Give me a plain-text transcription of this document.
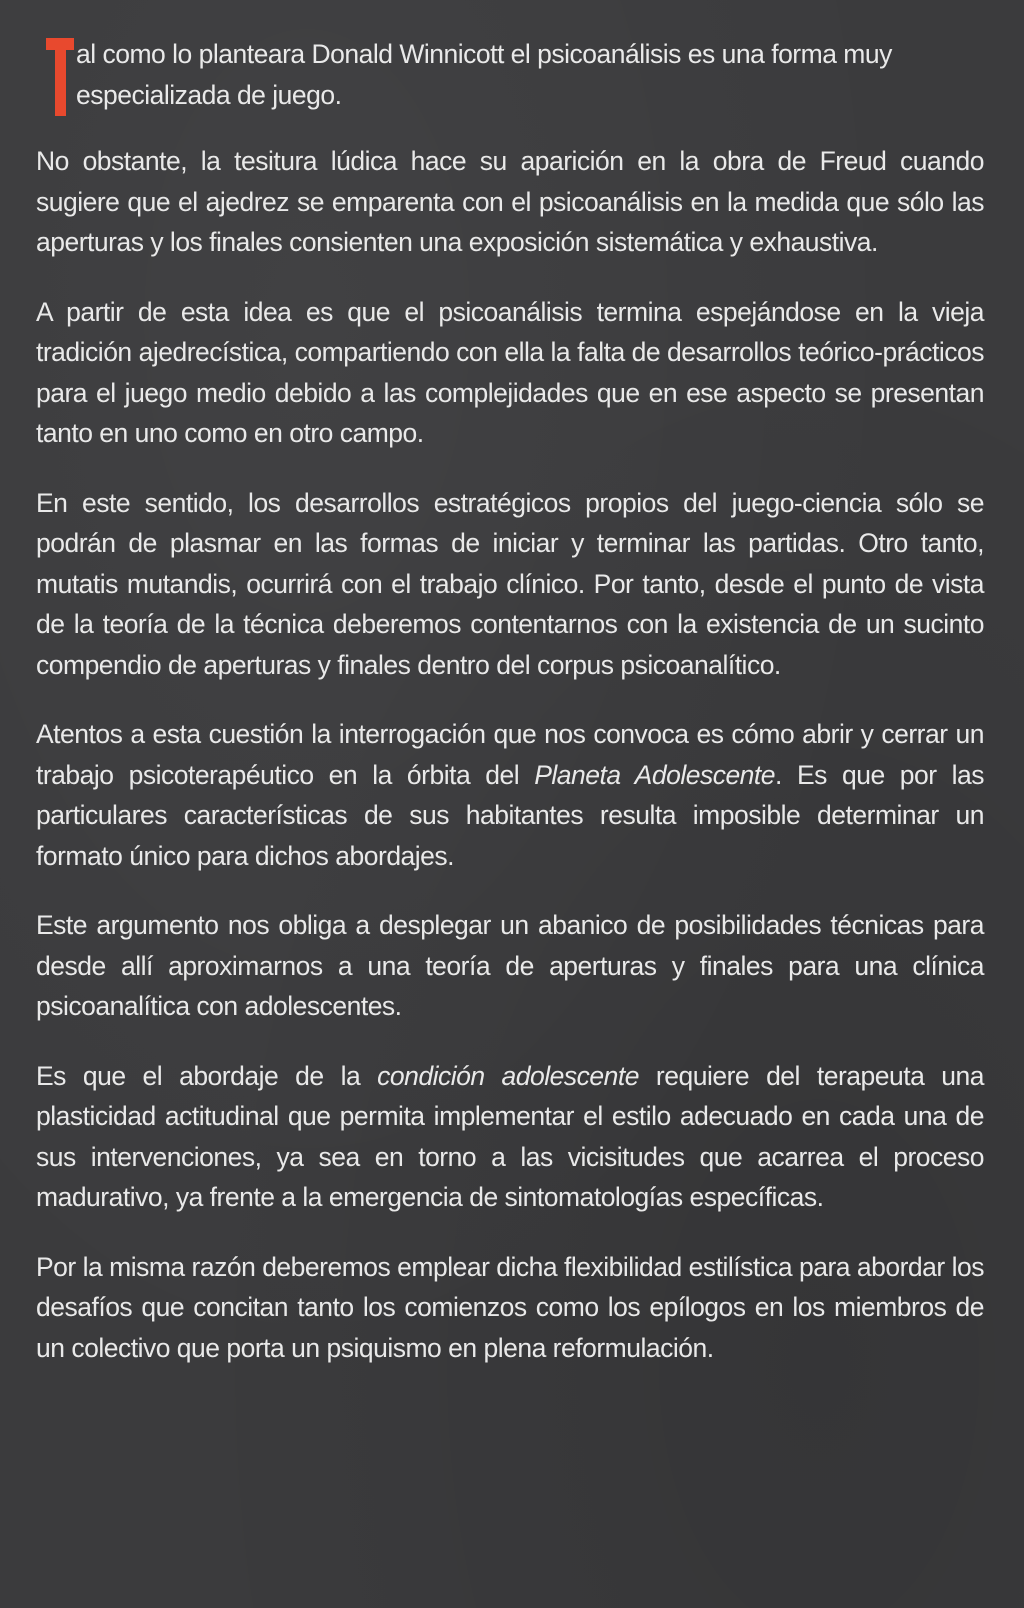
al como lo planteara Donald Winnicott el psicoanálisis es una forma muy especializada de juego.

No obstante, la tesitura lúdica hace su aparición en la obra de Freud cuando sugiere que el ajedrez se emparenta con el psicoanálisis en la medida que sólo las aperturas y los finales consienten una exposición sistemática y exhaustiva.

A partir de esta idea es que el psicoanálisis termina espejándose en la vieja tradición ajedrecística, compartiendo con ella la falta de desarrollos teórico-prácticos para el juego medio debido a las complejidades que en ese aspecto se presentan tanto en uno como en otro campo.

En este sentido, los desarrollos estratégicos propios del juego-ciencia sólo se podrán de plasmar en las formas de iniciar y terminar las partidas. Otro tanto, mutatis mutandis, ocurrirá con el trabajo clínico. Por tanto, desde el punto de vista de la teoría de la técnica deberemos contentarnos con la existencia de un sucinto compendio de aperturas y finales dentro del corpus psicoanalítico.

Atentos a esta cuestión la interrogación que nos convoca es cómo abrir y cerrar un trabajo psicoterapéutico en la órbita del Planeta Adolescente. Es que por las particulares características de sus habitantes resulta imposible determinar un formato único para dichos abordajes.

Este argumento nos obliga a desplegar un abanico de posibilidades técnicas para desde allí aproximarnos a una teoría de aperturas y finales para una clínica psicoanalítica con adolescentes.

Es que el abordaje de la condición adolescente requiere del terapeuta una plasticidad actitudinal que permita implementar el estilo adecuado en cada una de sus intervenciones, ya sea en torno a las vicisitudes que acarrea el proceso madurativo, ya frente a la emergencia de sintomatologías específicas.

Por la misma razón deberemos emplear dicha flexibilidad estilística para abordar los desafíos que concitan tanto los comienzos como los epílogos en los miembros de un colectivo que porta un psiquismo en plena reformulación.
